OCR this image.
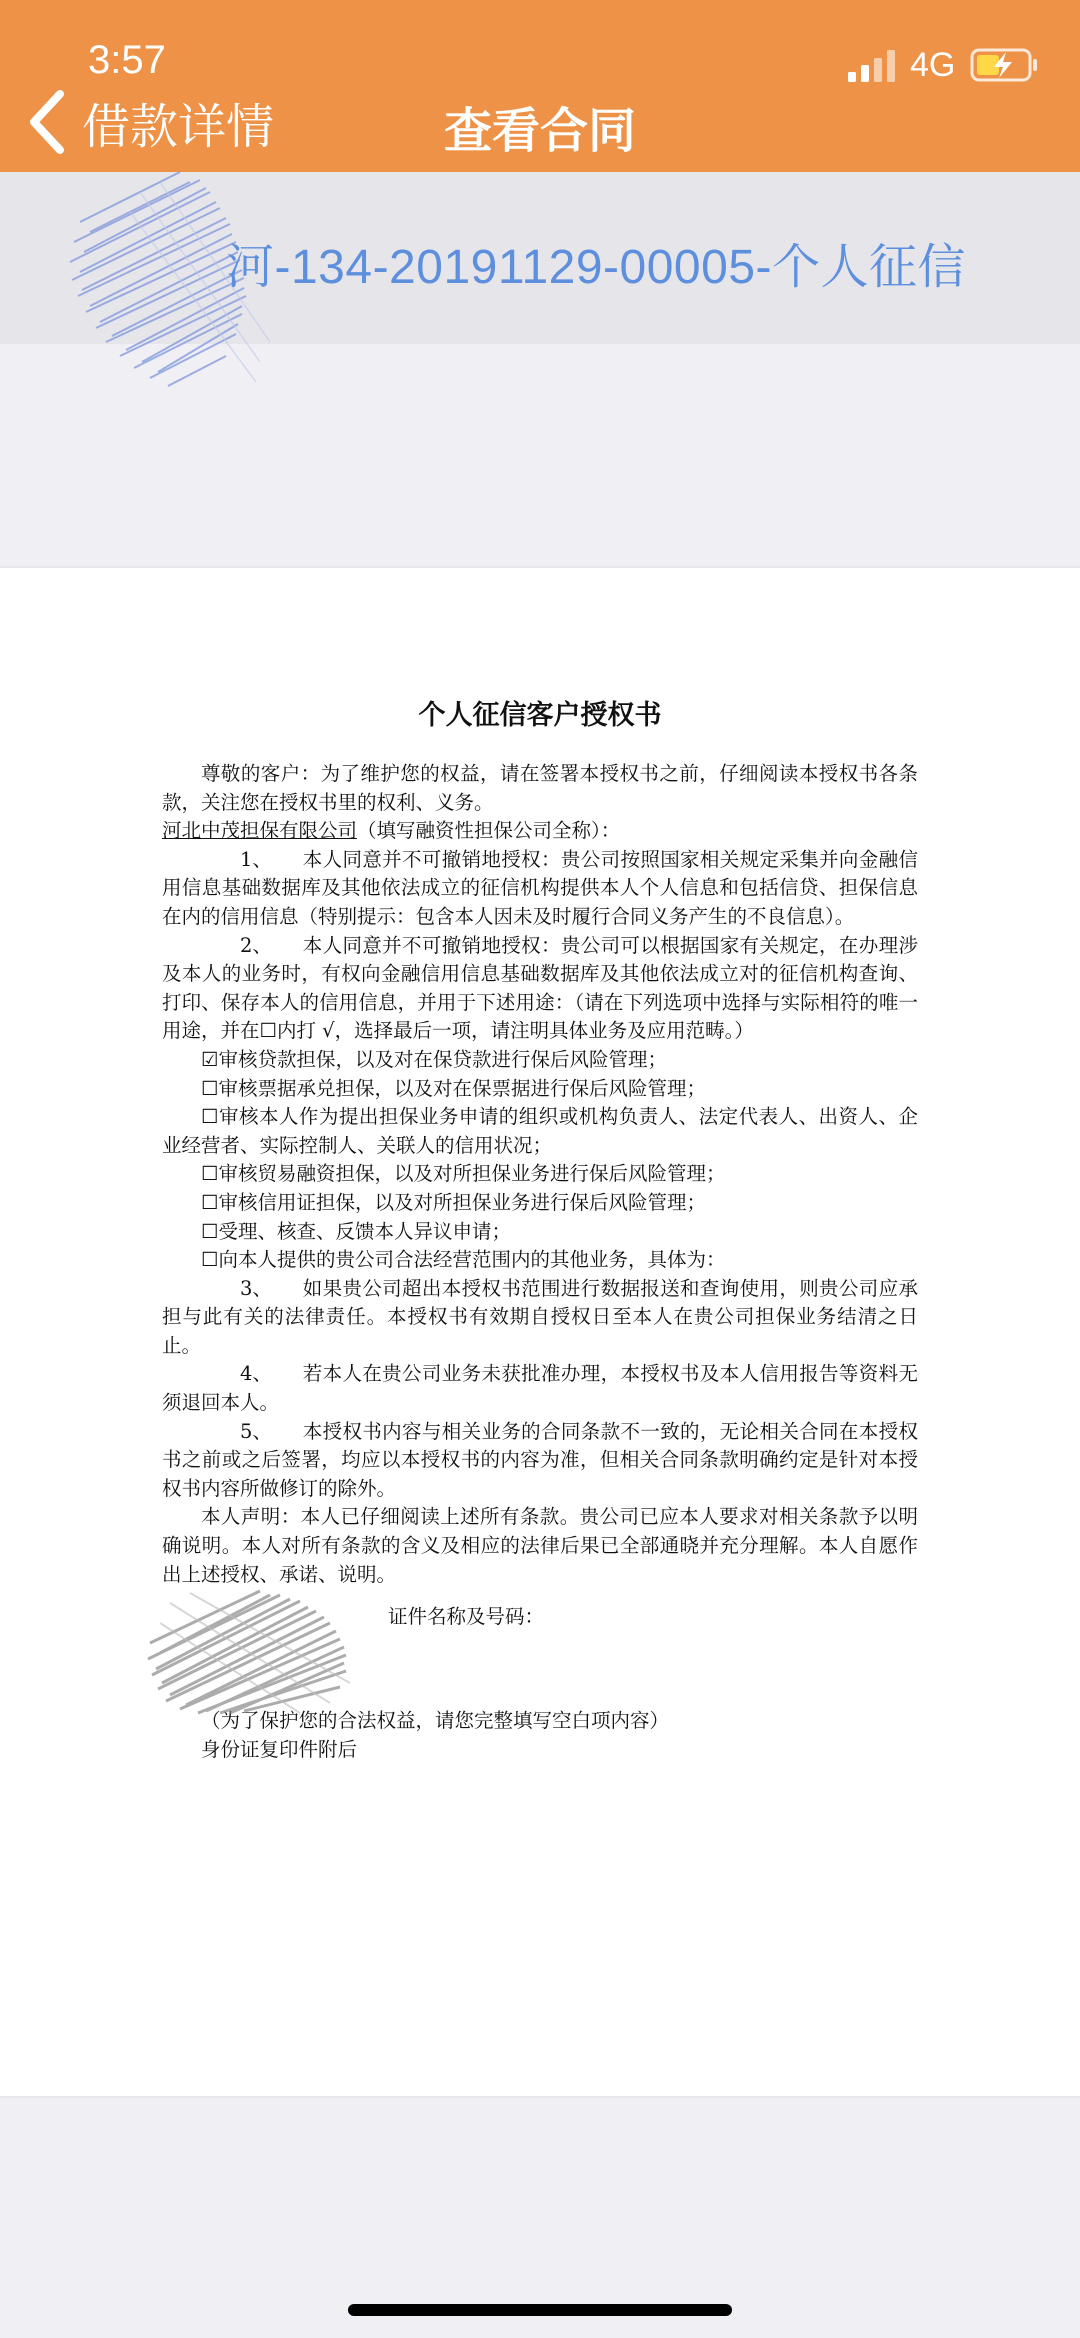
3:57	4G
借款详情	查看合同
河-134-20191129-00005-个人征信
个人征信客户授权书

尊敬的客户：为了维护您的权益，请在签署本授权书之前，仔细阅读本授权书各条款，关注您在授权书里的权利、义务。

河北中茂担保有限公司（填写融资性担保公司全称）：

1、 本人同意并不可撤销地授权：贵公司按照国家相关规定采集并向金融信用信息基础数据库及其他依法成立的征信机构提供本人个人信息和包括信贷、担保信息在内的信用信息（特别提示：包含本人因未及时履行合同义务产生的不良信息）。

2、 本人同意并不可撤销地授权：贵公司可以根据国家有关规定，在办理涉及本人的业务时，有权向金融信用信息基础数据库及其他依法成立对的征信机构查询、打印、保存本人的信用信息，并用于下述用途：（请在下列选项中选择与实际相符的唯一用途，并在☐内打 √，选择最后一项，请注明具体业务及应用范畴。）

☑审核贷款担保，以及对在保贷款进行保后风险管理；

☐审核票据承兑担保，以及对在保票据进行保后风险管理；

☐审核本人作为提出担保业务申请的组织或机构负责人、法定代表人、出资人、企业经营者、实际控制人、关联人的信用状况；

☐审核贸易融资担保，以及对所担保业务进行保后风险管理；

☐审核信用证担保，以及对所担保业务进行保后风险管理；

☐受理、核查、反馈本人异议申请；

☐向本人提供的贵公司合法经营范围内的其他业务，具体为：

3、 如果贵公司超出本授权书范围进行数据报送和查询使用，则贵公司应承担与此有关的法律责任。本授权书有效期自授权日至本人在贵公司担保业务结清之日止。

4、 若本人在贵公司业务未获批准办理，本授权书及本人信用报告等资料无须退回本人。

5、 本授权书内容与相关业务的合同条款不一致的，无论相关合同在本授权书之前或之后签署，均应以本授权书的内容为准，但相关合同条款明确约定是针对本授权书内容所做修订的除外。

本人声明：本人已仔细阅读上述所有条款。贵公司已应本人要求对相关条款予以明确说明。本人对所有条款的含义及相应的法律后果已全部通晓并充分理解。本人自愿作出上述授权、承诺、说明。

证件名称及号码：

（为了保护您的合法权益，请您完整填写空白项内容）

身份证复印件附后
